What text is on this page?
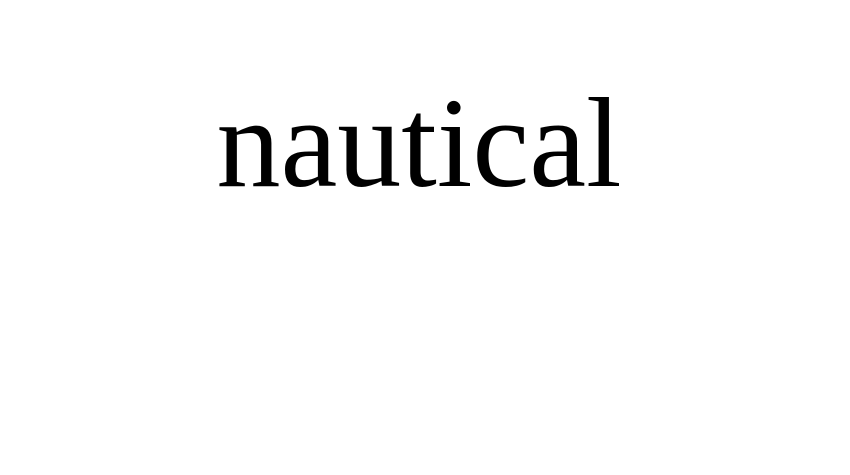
nautical
